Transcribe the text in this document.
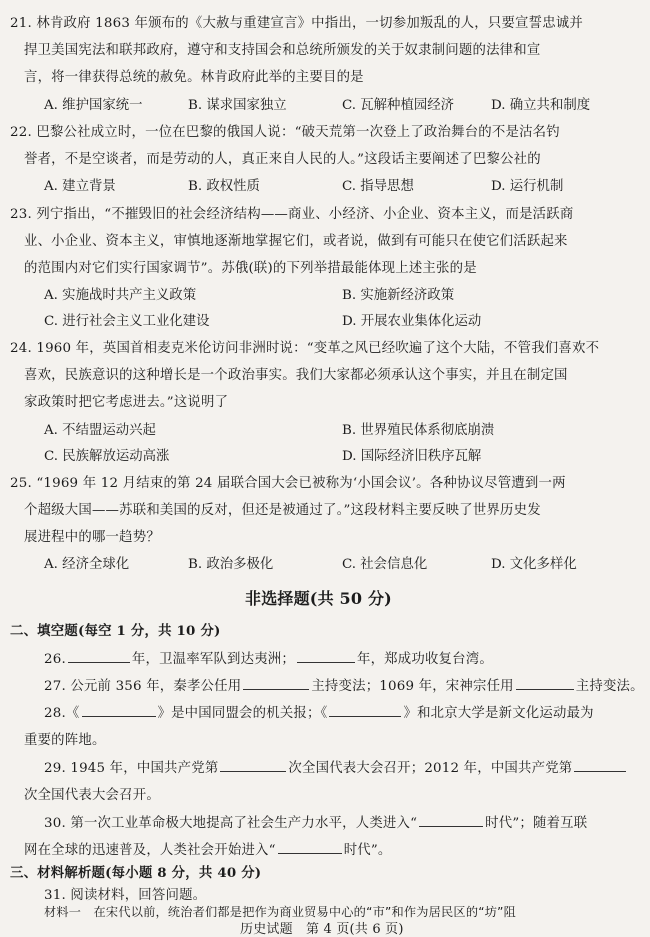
21. 林肯政府 1863 年颁布的《大赦与重建宣言》中指出，一切参加叛乱的人，只要宣誓忠诚并
捍卫美国宪法和联邦政府，遵守和支持国会和总统所颁发的关于奴隶制问题的法律和宣
言，将一律获得总统的赦免。林肯政府此举的主要目的是
A. 维护国家统一	B. 谋求国家独立	C. 瓦解种植园经济	D. 确立共和制度
22. 巴黎公社成立时，一位在巴黎的俄国人说：“破天荒第一次登上了政治舞台的不是沽名钓
誉者，不是空谈者，而是劳动的人，真正来自人民的人。”这段话主要阐述了巴黎公社的
A. 建立背景	B. 政权性质	C. 指导思想	D. 运行机制
23. 列宁指出，“不摧毁旧的社会经济结构——商业、小经济、小企业、资本主义，而是活跃商
业、小企业、资本主义，审慎地逐渐地掌握它们，或者说，做到有可能只在使它们活跃起来
的范围内对它们实行国家调节”。苏俄(联)的下列举措最能体现上述主张的是
A. 实施战时共产主义政策	B. 实施新经济政策
C. 进行社会主义工业化建设	D. 开展农业集体化运动
24. 1960 年，英国首相麦克米伦访问非洲时说：“变革之风已经吹遍了这个大陆，不管我们喜欢不
喜欢，民族意识的这种增长是一个政治事实。我们大家都必须承认这个事实，并且在制定国
家政策时把它考虑进去。”这说明了
A. 不结盟运动兴起	B. 世界殖民体系彻底崩溃
C. 民族解放运动高涨	D. 国际经济旧秩序瓦解
25. “1969 年 12 月结束的第 24 届联合国大会已被称为‘小国会议’。各种协议尽管遭到一两
个超级大国——苏联和美国的反对，但还是被通过了。”这段材料主要反映了世界历史发
展进程中的哪一趋势？
A. 经济全球化	B. 政治多极化	C. 社会信息化	D. 文化多样化
非选择题(共 50 分)
二、填空题(每空 1 分，共 10 分)
26.	年，卫温率军队到达夷洲；	年，郑成功收复台湾。
27. 公元前 356 年，秦孝公任用	主持变法；1069 年，宋神宗任用	主持变法。
28.《	》是中国同盟会的机关报；《	》和北京大学是新文化运动最为
重要的阵地。
29. 1945 年，中国共产党第	次全国代表大会召开；2012 年，中国共产党第
次全国代表大会召开。
30. 第一次工业革命极大地提高了社会生产力水平，人类进入“	时代”；随着互联
网在全球的迅速普及，人类社会开始进入“	时代”。
三、材料解析题(每小题 8 分，共 40 分)
31. 阅读材料，回答问题。
材料一　在宋代以前，统治者们都是把作为商业贸易中心的“市”和作为居民区的“坊”阻
历史试题　第 4 页(共 6 页)
